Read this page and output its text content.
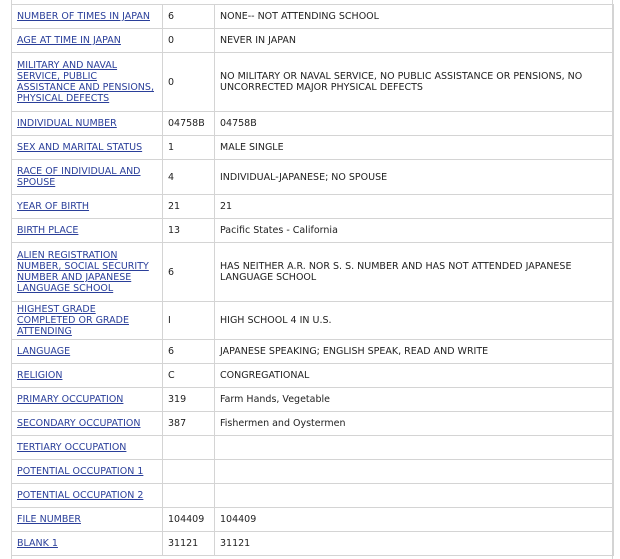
NUMBER OF TIMES IN JAPAN	6	NONE-- NOT ATTENDING SCHOOL
AGE AT TIME IN JAPAN	0	NEVER IN JAPAN
MILITARY AND NAVAL SERVICE, PUBLIC ASSISTANCE AND PENSIONS, PHYSICAL DEFECTS	0	NO MILITARY OR NAVAL SERVICE, NO PUBLIC ASSISTANCE OR PENSIONS, NO UNCORRECTED MAJOR PHYSICAL DEFECTS
INDIVIDUAL NUMBER	04758B	04758B
SEX AND MARITAL STATUS	1	MALE SINGLE
RACE OF INDIVIDUAL AND SPOUSE	4	INDIVIDUAL-JAPANESE; NO SPOUSE
YEAR OF BIRTH	21	21
BIRTH PLACE	13	Pacific States - California
ALIEN REGISTRATION NUMBER, SOCIAL SECURITY NUMBER AND JAPANESE LANGUAGE SCHOOL	6	HAS NEITHER A.R. NOR S. S. NUMBER AND HAS NOT ATTENDED JAPANESE LANGUAGE SCHOOL
HIGHEST GRADE COMPLETED OR GRADE ATTENDING	I	HIGH SCHOOL 4 IN U.S.
LANGUAGE	6	JAPANESE SPEAKING; ENGLISH SPEAK, READ AND WRITE
RELIGION	C	CONGREGATIONAL
PRIMARY OCCUPATION	319	Farm Hands, Vegetable
SECONDARY OCCUPATION	387	Fishermen and Oystermen
TERTIARY OCCUPATION		
POTENTIAL OCCUPATION 1		
POTENTIAL OCCUPATION 2		
FILE NUMBER	104409	104409
BLANK 1	31121	31121
